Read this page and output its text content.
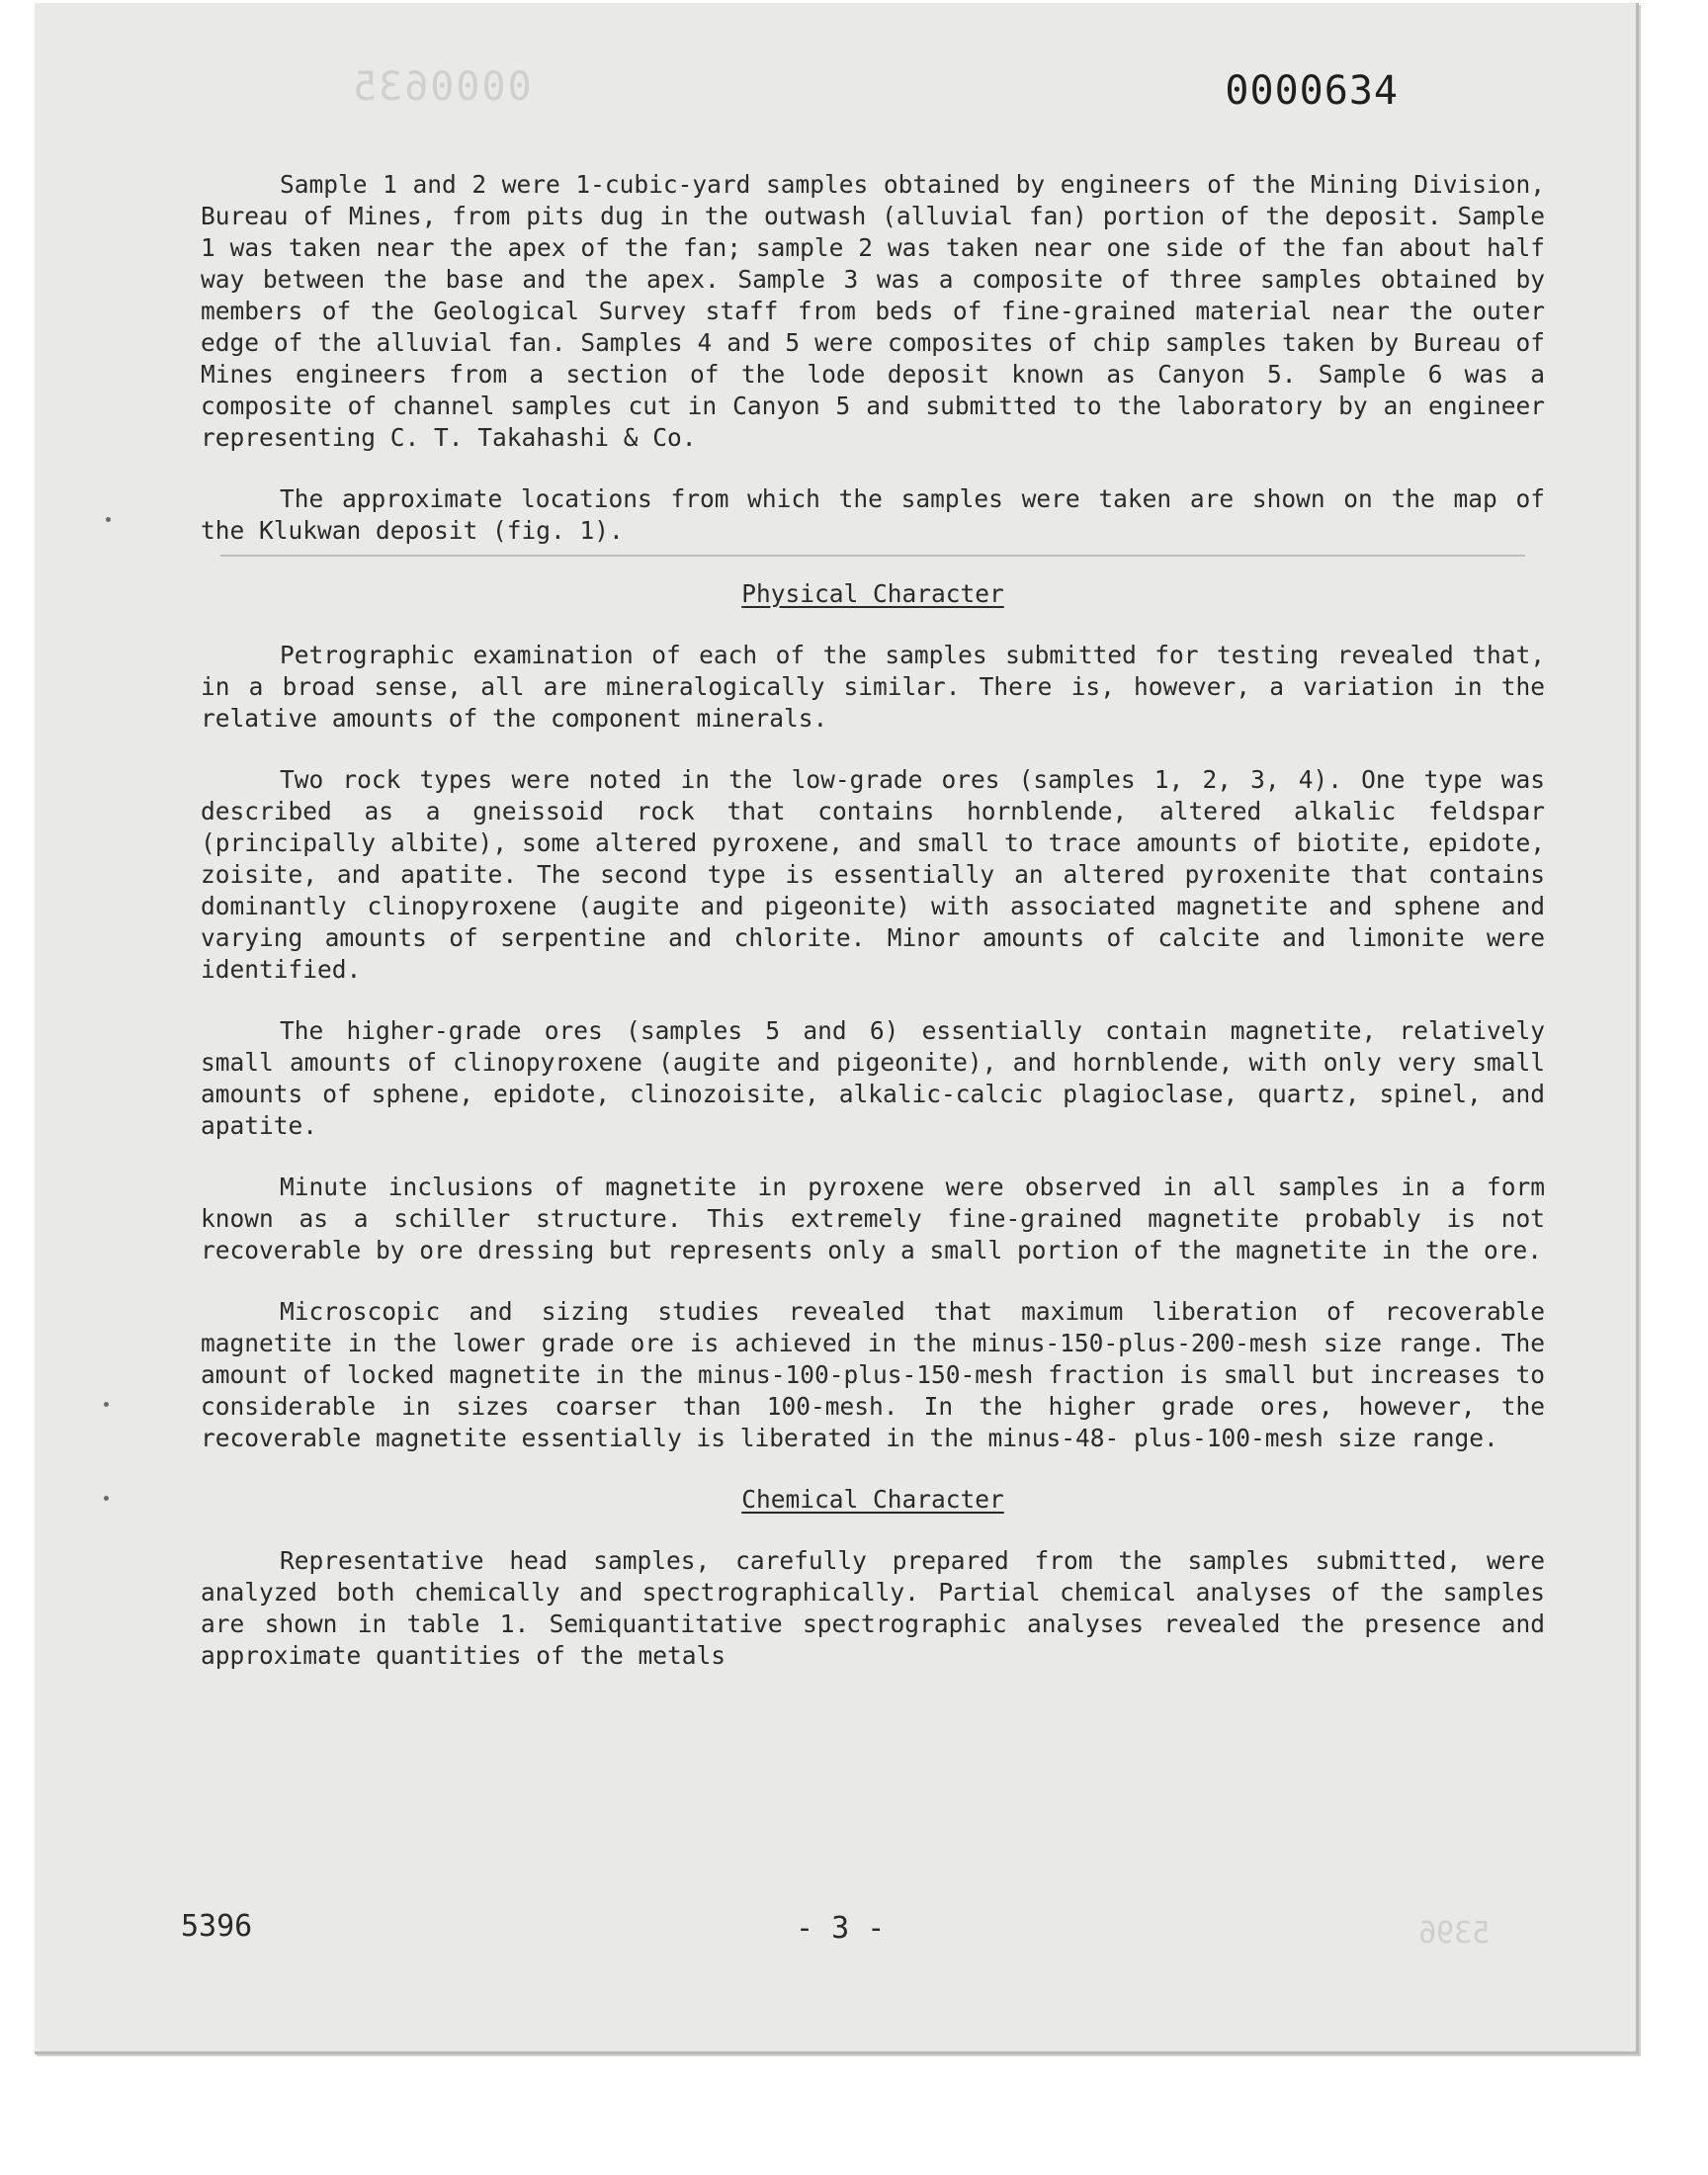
0000635
5396
0000634

Sample 1 and 2 were 1-cubic-yard samples obtained by engineers of the Mining Division, Bureau of Mines, from pits dug in the outwash (alluvial fan) portion of the deposit. Sample 1 was taken near the apex of the fan; sample 2 was taken near one side of the fan about half way between the base and the apex. Sample 3 was a composite of three samples obtained by members of the Geological Survey staff from beds of fine-grained material near the outer edge of the alluvial fan. Samples 4 and 5 were composites of chip samples taken by Bureau of Mines engineers from a section of the lode deposit known as Canyon 5. Sample 6 was a composite of channel samples cut in Canyon 5 and submitted to the laboratory by an engineer representing C. T. Takahashi & Co.

The approximate locations from which the samples were taken are shown on the map of the Klukwan deposit (fig. 1).

Physical Character

Petrographic examination of each of the samples submitted for testing revealed that, in a broad sense, all are mineralogically similar. There is, however, a variation in the relative amounts of the component minerals.

Two rock types were noted in the low-grade ores (samples 1, 2, 3, 4). One type was described as a gneissoid rock that contains hornblende, altered alkalic feldspar (principally albite), some altered pyroxene, and small to trace amounts of biotite, epidote, zoisite, and apatite. The second type is essentially an altered pyroxenite that contains dominantly clinopyroxene (augite and pigeonite) with associated magnetite and sphene and varying amounts of serpentine and chlorite. Minor amounts of calcite and limonite were identified.

The higher-grade ores (samples 5 and 6) essentially contain magnetite, relatively small amounts of clinopyroxene (augite and pigeonite), and hornblende, with only very small amounts of sphene, epidote, clinozoisite, alkalic-calcic plagioclase, quartz, spinel, and apatite.

Minute inclusions of magnetite in pyroxene were observed in all samples in a form known as a schiller structure. This extremely fine-grained magnetite probably is not recoverable by ore dressing but represents only a small portion of the magnetite in the ore.

Microscopic and sizing studies revealed that maximum liberation of recoverable magnetite in the lower grade ore is achieved in the minus-150-plus-200-mesh size range. The amount of locked magnetite in the minus-100-plus-150-mesh fraction is small but increases to considerable in sizes coarser than 100-mesh. In the higher grade ores, however, the recoverable magnetite essentially is liberated in the minus-48- plus-100-mesh size range.

Chemical Character

Representative head samples, carefully prepared from the samples submitted, were analyzed both chemically and spectrographically. Partial chemical analyses of the samples are shown in table 1. Semiquantitative spectrographic analyses revealed the presence and approximate quantities of the metals

5396	- 3 -
